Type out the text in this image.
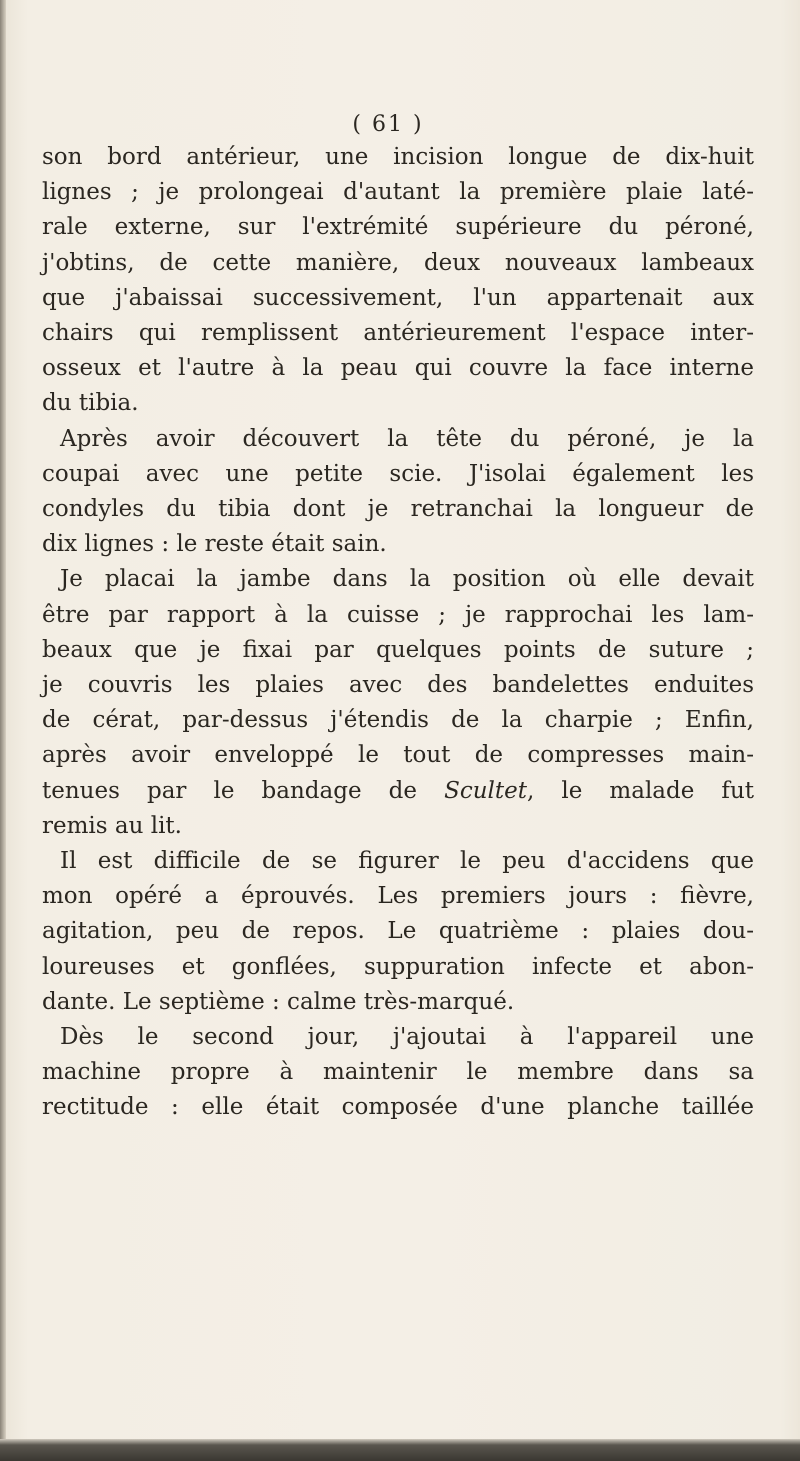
( 61 )
son bord antérieur, une incision longue de dix-huit
lignes ; je prolongeai d'autant la première plaie laté-
rale externe, sur l'extrémité supérieure du péroné,
j'obtins, de cette manière, deux nouveaux lambeaux
que j'abaissai successivement, l'un appartenait aux
chairs qui remplissent antérieurement l'espace inter-
osseux et l'autre à la peau qui couvre la face interne
du tibia.
Après avoir découvert la tête du péroné, je la
coupai avec une petite scie. J'isolai également les
condyles du tibia dont je retranchai la longueur de
dix lignes : le reste était sain.
Je placai la jambe dans la position où elle devait
être par rapport à la cuisse ; je rapprochai les lam-
beaux que je fixai par quelques points de suture ;
je couvris les plaies avec des bandelettes enduites
de cérat, par-dessus j'étendis de la charpie ; Enfin,
après avoir enveloppé le tout de compresses main-
tenues par le bandage de Scultet, le malade fut
remis au lit.
Il est difficile de se figurer le peu d'accidens que
mon opéré a éprouvés. Les premiers jours : fièvre,
agitation, peu de repos. Le quatrième : plaies dou-
loureuses et gonflées, suppuration infecte et abon-
dante. Le septième : calme très-marqué.
Dès le second jour, j'ajoutai à l'appareil une
machine propre à maintenir le membre dans sa
rectitude : elle était composée d'une planche taillée
